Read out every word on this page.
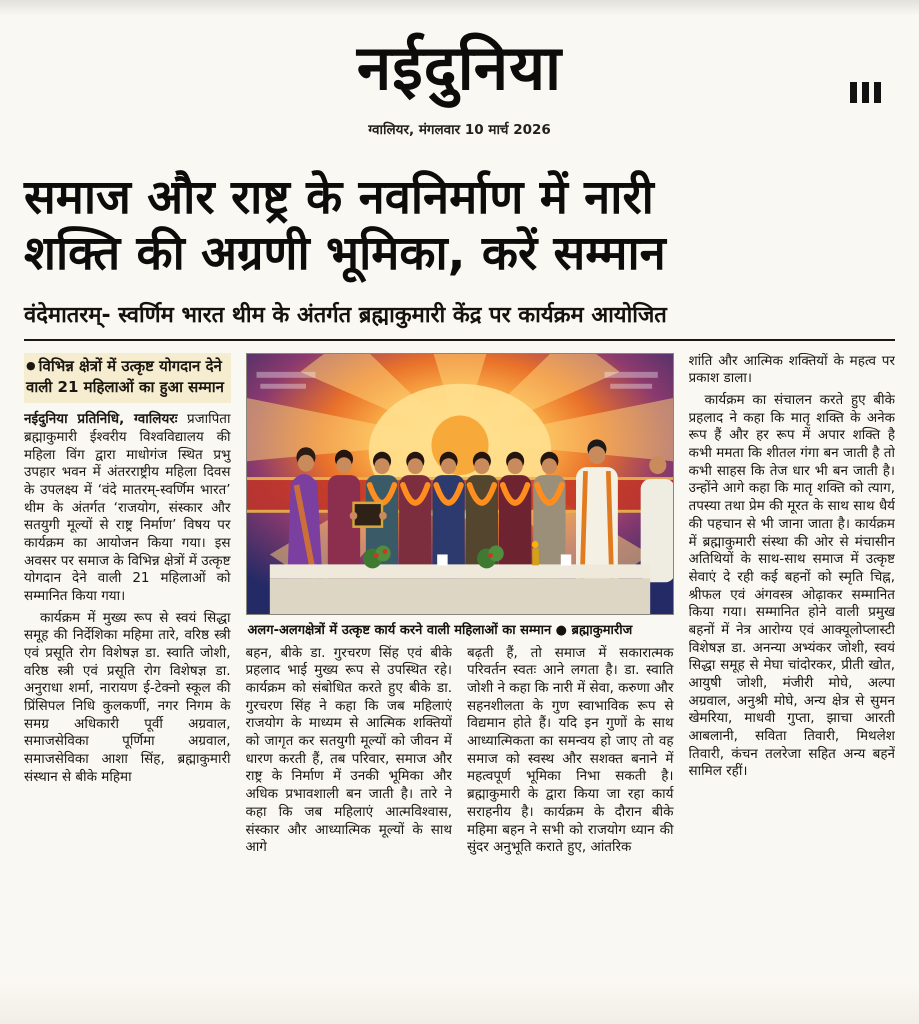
नईदुनिया
ग्वालियर, मंगलवार 10 मार्च 2026
समाज और राष्ट्र के नवनिर्माण में नारी
शक्ति की अग्रणी भूमिका, करें सम्मान
वंदेमातरम्- स्वर्णिम भारत थीम के अंतर्गत ब्रह्माकुमारी केंद्र पर कार्यक्रम आयोजित
● विभिन्न क्षेत्रों में उत्कृष्ट योगदान देने वाली 21 महिलाओं का हुआ सम्मान

नईदुनिया प्रतिनिधि, ग्वालियरः प्रजापिता ब्रह्माकुमारी ईश्वरीय विश्वविद्यालय की महिला विंग द्वारा माधोगंज स्थित प्रभु उपहार भवन में अंतरराष्ट्रीय महिला दिवस के उपलक्ष्य में ‘वंदे मातरम्-स्वर्णिम भारत’ थीम के अंतर्गत ‘राजयोग, संस्कार और सतयुगी मूल्यों से राष्ट्र निर्माण’ विषय पर कार्यक्रम का आयोजन किया गया। इस अवसर पर समाज के विभिन्न क्षेत्रों में उत्कृष्ट योगदान देने वाली 21 महिलाओं को सम्मानित किया गया।

कार्यक्रम में मुख्य रूप से स्वयं सिद्धा समूह की निर्देशिका महिमा तारे, वरिष्ठ स्त्री एवं प्रसूति रोग विशेषज्ञ डा. स्वाति जोशी, वरिष्ठ स्त्री एवं प्रसूति रोग विशेषज्ञ डा. अनुराधा शर्मा, नारायण ई-टेक्नो स्कूल की प्रिंसिपल निधि कुलकर्णी, नगर निगम के समग्र अधिकारी पूर्वी अग्रवाल, समाजसेविका पूर्णिमा अग्रवाल, समाजसेविका आशा सिंह, ब्रह्माकुमारी संस्थान से बीके महिमा

अलग-अलगक्षेत्रों में उत्कृष्ट कार्य करने वाली महिलाओं का सम्मान ● ब्रह्माकुमारीज

बहन, बीके डा. गुरचरण सिंह एवं बीके प्रहलाद भाई मुख्य रूप से उपस्थित रहे। कार्यक्रम को संबोधित करते हुए बीके डा. गुरचरण सिंह ने कहा कि जब महिलाएं राजयोग के माध्यम से आत्मिक शक्तियों को जागृत कर सतयुगी मूल्यों को जीवन में धारण करती हैं, तब परिवार, समाज और राष्ट्र के निर्माण में उनकी भूमिका और अधिक प्रभावशाली बन जाती है। तारे ने कहा कि जब महिलाएं आत्मविश्वास, संस्कार और आध्यात्मिक मूल्यों के साथ आगे

बढ़ती हैं, तो समाज में सकारात्मक परिवर्तन स्वतः आने लगता है। डा. स्वाति जोशी ने कहा कि नारी में सेवा, करुणा और सहनशीलता के गुण स्वाभाविक रूप से विद्यमान होते हैं। यदि इन गुणों के साथ आध्यात्मिकता का समन्वय हो जाए तो वह समाज को स्वस्थ और सशक्त बनाने में महत्वपूर्ण भूमिका निभा सकती है। ब्रह्माकुमारी के द्वारा किया जा रहा कार्य सराहनीय है। कार्यक्रम के दौरान बीके महिमा बहन ने सभी को राजयोग ध्यान की सुंदर अनुभूति कराते हुए, आंतरिक

शांति और आत्मिक शक्तियों के महत्व पर प्रकाश डाला।

कार्यक्रम का संचालन करते हुए बीके प्रहलाद ने कहा कि मातृ शक्ति के अनेक रूप हैं और हर रूप में अपार शक्ति है कभी ममता कि शीतल गंगा बन जाती है तो कभी साहस कि तेज धार भी बन जाती है। उन्होंने आगे कहा कि मातृ शक्ति को त्याग, तपस्या तथा प्रेम की मूरत के साथ साथ धैर्य की पहचान से भी जाना जाता है। कार्यक्रम में ब्रह्माकुमारी संस्था की ओर से मंचासीन अतिथियों के साथ-साथ समाज में उत्कृष्ट सेवाएं दे रही कई बहनों को स्मृति चिह्न, श्रीफल एवं अंगवस्त्र ओढ़ाकर सम्मानित किया गया। सम्मानित होने वाली प्रमुख बहनों में नेत्र आरोग्य एवं आक्यूलोप्लास्टी विशेषज्ञ डा. अनन्या अभ्यंकर जोशी, स्वयं सिद्धा समूह से मेघा चांदोरकर, प्रीती खोत, आयुषी जोशी, मंजीरी मोघे, अल्पा अग्रवाल, अनुश्री मोघे, अन्य क्षेत्र से सुमन खेमरिया, माधवी गुप्ता, झाचा आरती आबलानी, सविता तिवारी, मिथलेश तिवारी, कंचन तलरेजा सहित अन्य बहनें सामिल रहीं।
